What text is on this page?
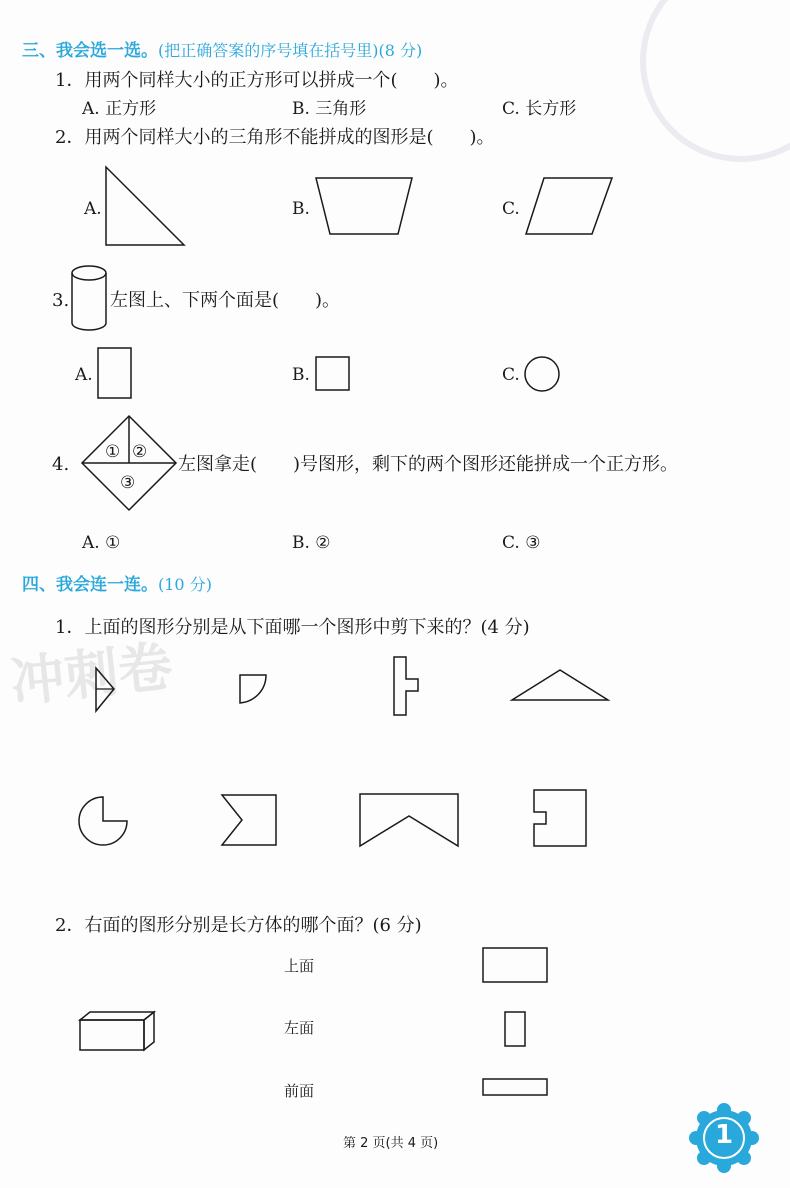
冲刺卷
三、我会选一选。(把正确答案的序号填在括号里)(8 分)
1．用两个同样大小的正方形可以拼成一个(　　)。
A. 正方形	B. 三角形	C. 长方形
2．用两个同样大小的三角形不能拼成的图形是(　　)。
A.	B.	C.
3. 左图上、下两个面是(　　)。
A.	B.	C.
4.
① ②
③
左图拿走(　　)号图形，剩下的两个图形还能拼成一个正方形。
A. ①	B. ②	C. ③
四、我会连一连。(10 分)
1．上面的图形分别是从下面哪一个图形中剪下来的？(4 分)
2．右面的图形分别是长方体的哪个面？(6 分)
上面
左面
前面
第 2 页(共 4 页)	1
